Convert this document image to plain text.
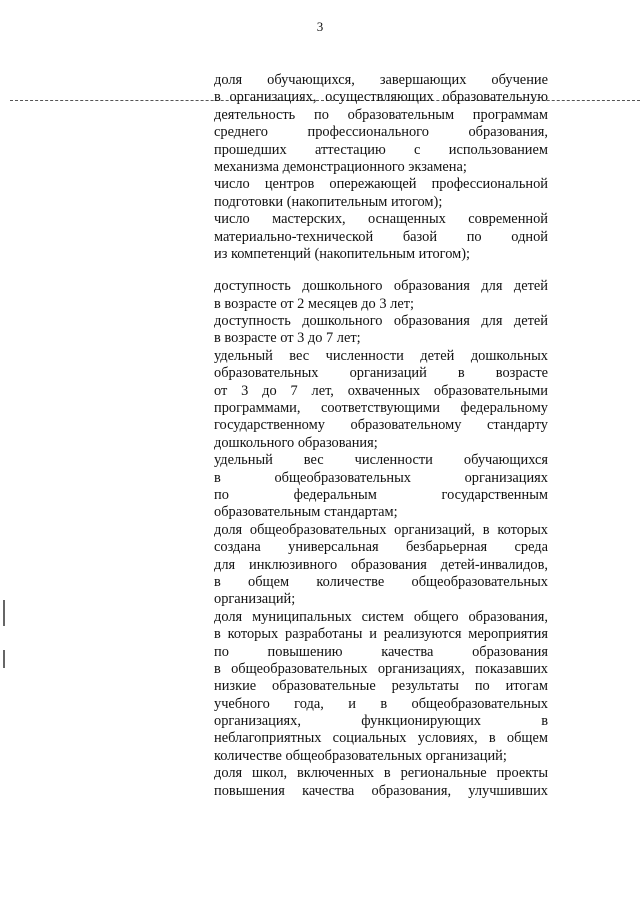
3
доля обучающихся, завершающих обучение
в организациях, осуществляющих образовательную
деятельность по образовательным программам
среднего профессионального образования,
прошедших аттестацию с использованием
механизма демонстрационного экзамена;
число центров опережающей профессиональной
подготовки (накопительным итогом);
число мастерских, оснащенных современной
материально-технической базой по одной
из компетенций (накопительным итогом);
доступность дошкольного образования для детей
в возрасте от 2 месяцев до 3 лет;
доступность дошкольного образования для детей
в возрасте от 3 до 7 лет;
удельный вес численности детей дошкольных
образовательных организаций в возрасте
от 3 до 7 лет, охваченных образовательными
программами, соответствующими федеральному
государственному образовательному стандарту
дошкольного образования;
удельный вес численности обучающихся
в общеобразовательных организациях
по федеральным государственным
образовательным стандартам;
доля общеобразовательных организаций, в которых
создана универсальная безбарьерная среда
для инклюзивного образования детей-инвалидов,
в общем количестве общеобразовательных
организаций;
доля муниципальных систем общего образования,
в которых разработаны и реализуются мероприятия
по повышению качества образования
в общеобразовательных организациях, показавших
низкие образовательные результаты по итогам
учебного года, и в общеобразовательных
организациях, функционирующих в
неблагоприятных социальных условиях, в общем
количестве общеобразовательных организаций;
доля школ, включенных в региональные проекты
повышения качества образования, улучшивших
